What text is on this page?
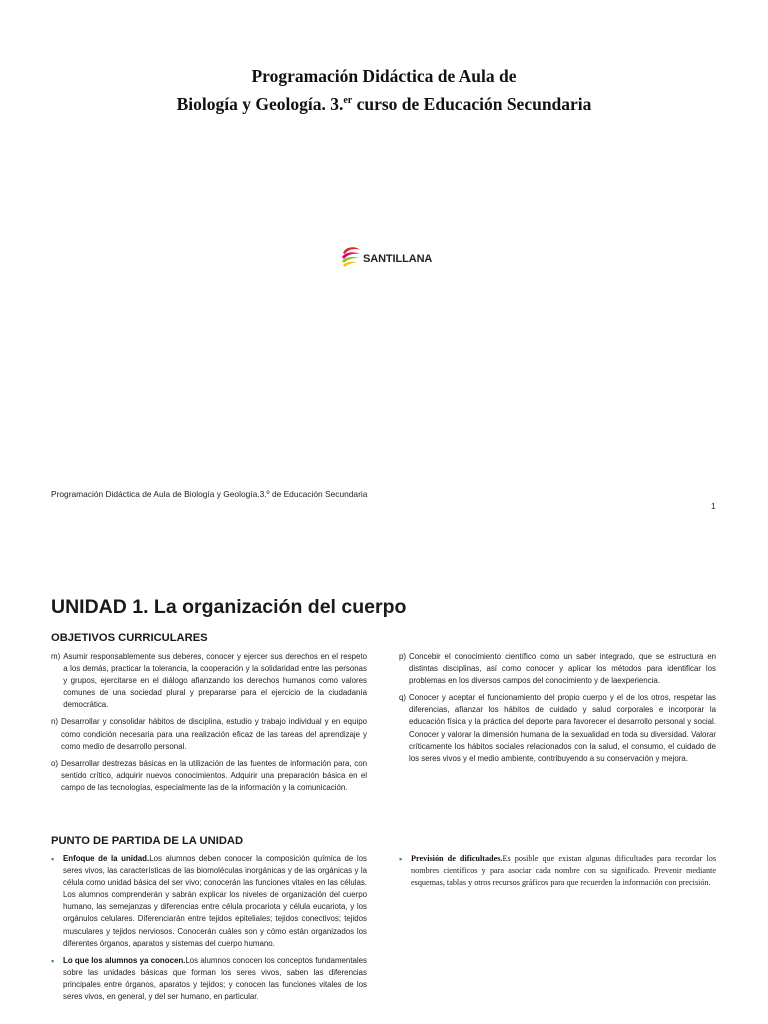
Programación Didáctica de Aula de
Biología y Geología. 3.$^{er}$ curso de Educación Secundaria
SANTILLANA
Programación Didáctica de Aula de Biología y Geología.3.º de Educación Secundaria
1
UNIDAD 1. La organización del cuerpo
OBJETIVOS CURRICULARES
m) Asumir responsablemente sus deberes, conocer y ejercer sus derechos en el respeto a los demás, practicar la tolerancia, la cooperación y la solidaridad entre las personas y grupos, ejercitarse en el diálogo afianzando los derechos humanos como valores comunes de una sociedad plural y prepararse para el ejercicio de la ciudadanía democrática.
n) Desarrollar y consolidar hábitos de disciplina, estudio y trabajo individual y en equipo como condición necesaria para una realización eficaz de las tareas del aprendizaje y como medio de desarrollo personal.
o) Desarrollar destrezas básicas en la utilización de las fuentes de información para, con sentido crítico, adquirir nuevos conocimientos. Adquirir una preparación básica en el campo de las tecnologías, especialmente las de la información y la comunicación.
p) Concebir el conocimiento científico como un saber integrado, que se estructura en distintas disciplinas, así como conocer y aplicar los métodos para identificar los problemas en los diversos campos del conocimiento y de laexperiencia.
q) Conocer y aceptar el funcionamiento del propio cuerpo y el de los otros, respetar las diferencias, afianzar los hábitos de cuidado y salud corporales e incorporar la educación física y la práctica del deporte para favorecer el desarrollo personal y social. Conocer y valorar la dimensión humana de la sexualidad en toda su diversidad. Valorar críticamente los hábitos sociales relacionados con la salud, el consumo, el cuidado de los seres vivos y el medio ambiente, contribuyendo a su conservación y mejora.
PUNTO DE PARTIDA DE LA UNIDAD
▪	Enfoque de la unidad.Los alumnos deben conocer la composición química de los seres vivos, las características de las biomoléculas inorgánicas y de las orgánicas y la célula como unidad básica del ser vivo; conocerán las funciones vitales en las células. Los alumnos comprenderán y sabrán explicar los niveles de organización del cuerpo humano, las semejanzas y diferencias entre célula procariota y célula eucariota, y los orgánulos celulares. Diferenciarán entre tejidos epiteliales; tejidos conectivos; tejidos musculares y tejidos nerviosos. Conocerán cuáles son y cómo están organizados los diferentes órganos, aparatos y sistemas del cuerpo humano.
▪	Lo que los alumnos ya conocen.Los alumnos conocen los conceptos fundamentales sobre las unidades básicas que forman los seres vivos, saben las diferencias principales entre órganos, aparatos y tejidos; y conocen las funciones vitales de los seres vivos, en general, y del ser humano, en particular.
▪	Previsión de dificultades.Es posible que existan algunas dificultades para recordar los nombres científicos y para asociar cada nombre con su significado. Prevenir mediante esquemas, tablas y otros recursos gráficos para que recuerden la información con precisión.
